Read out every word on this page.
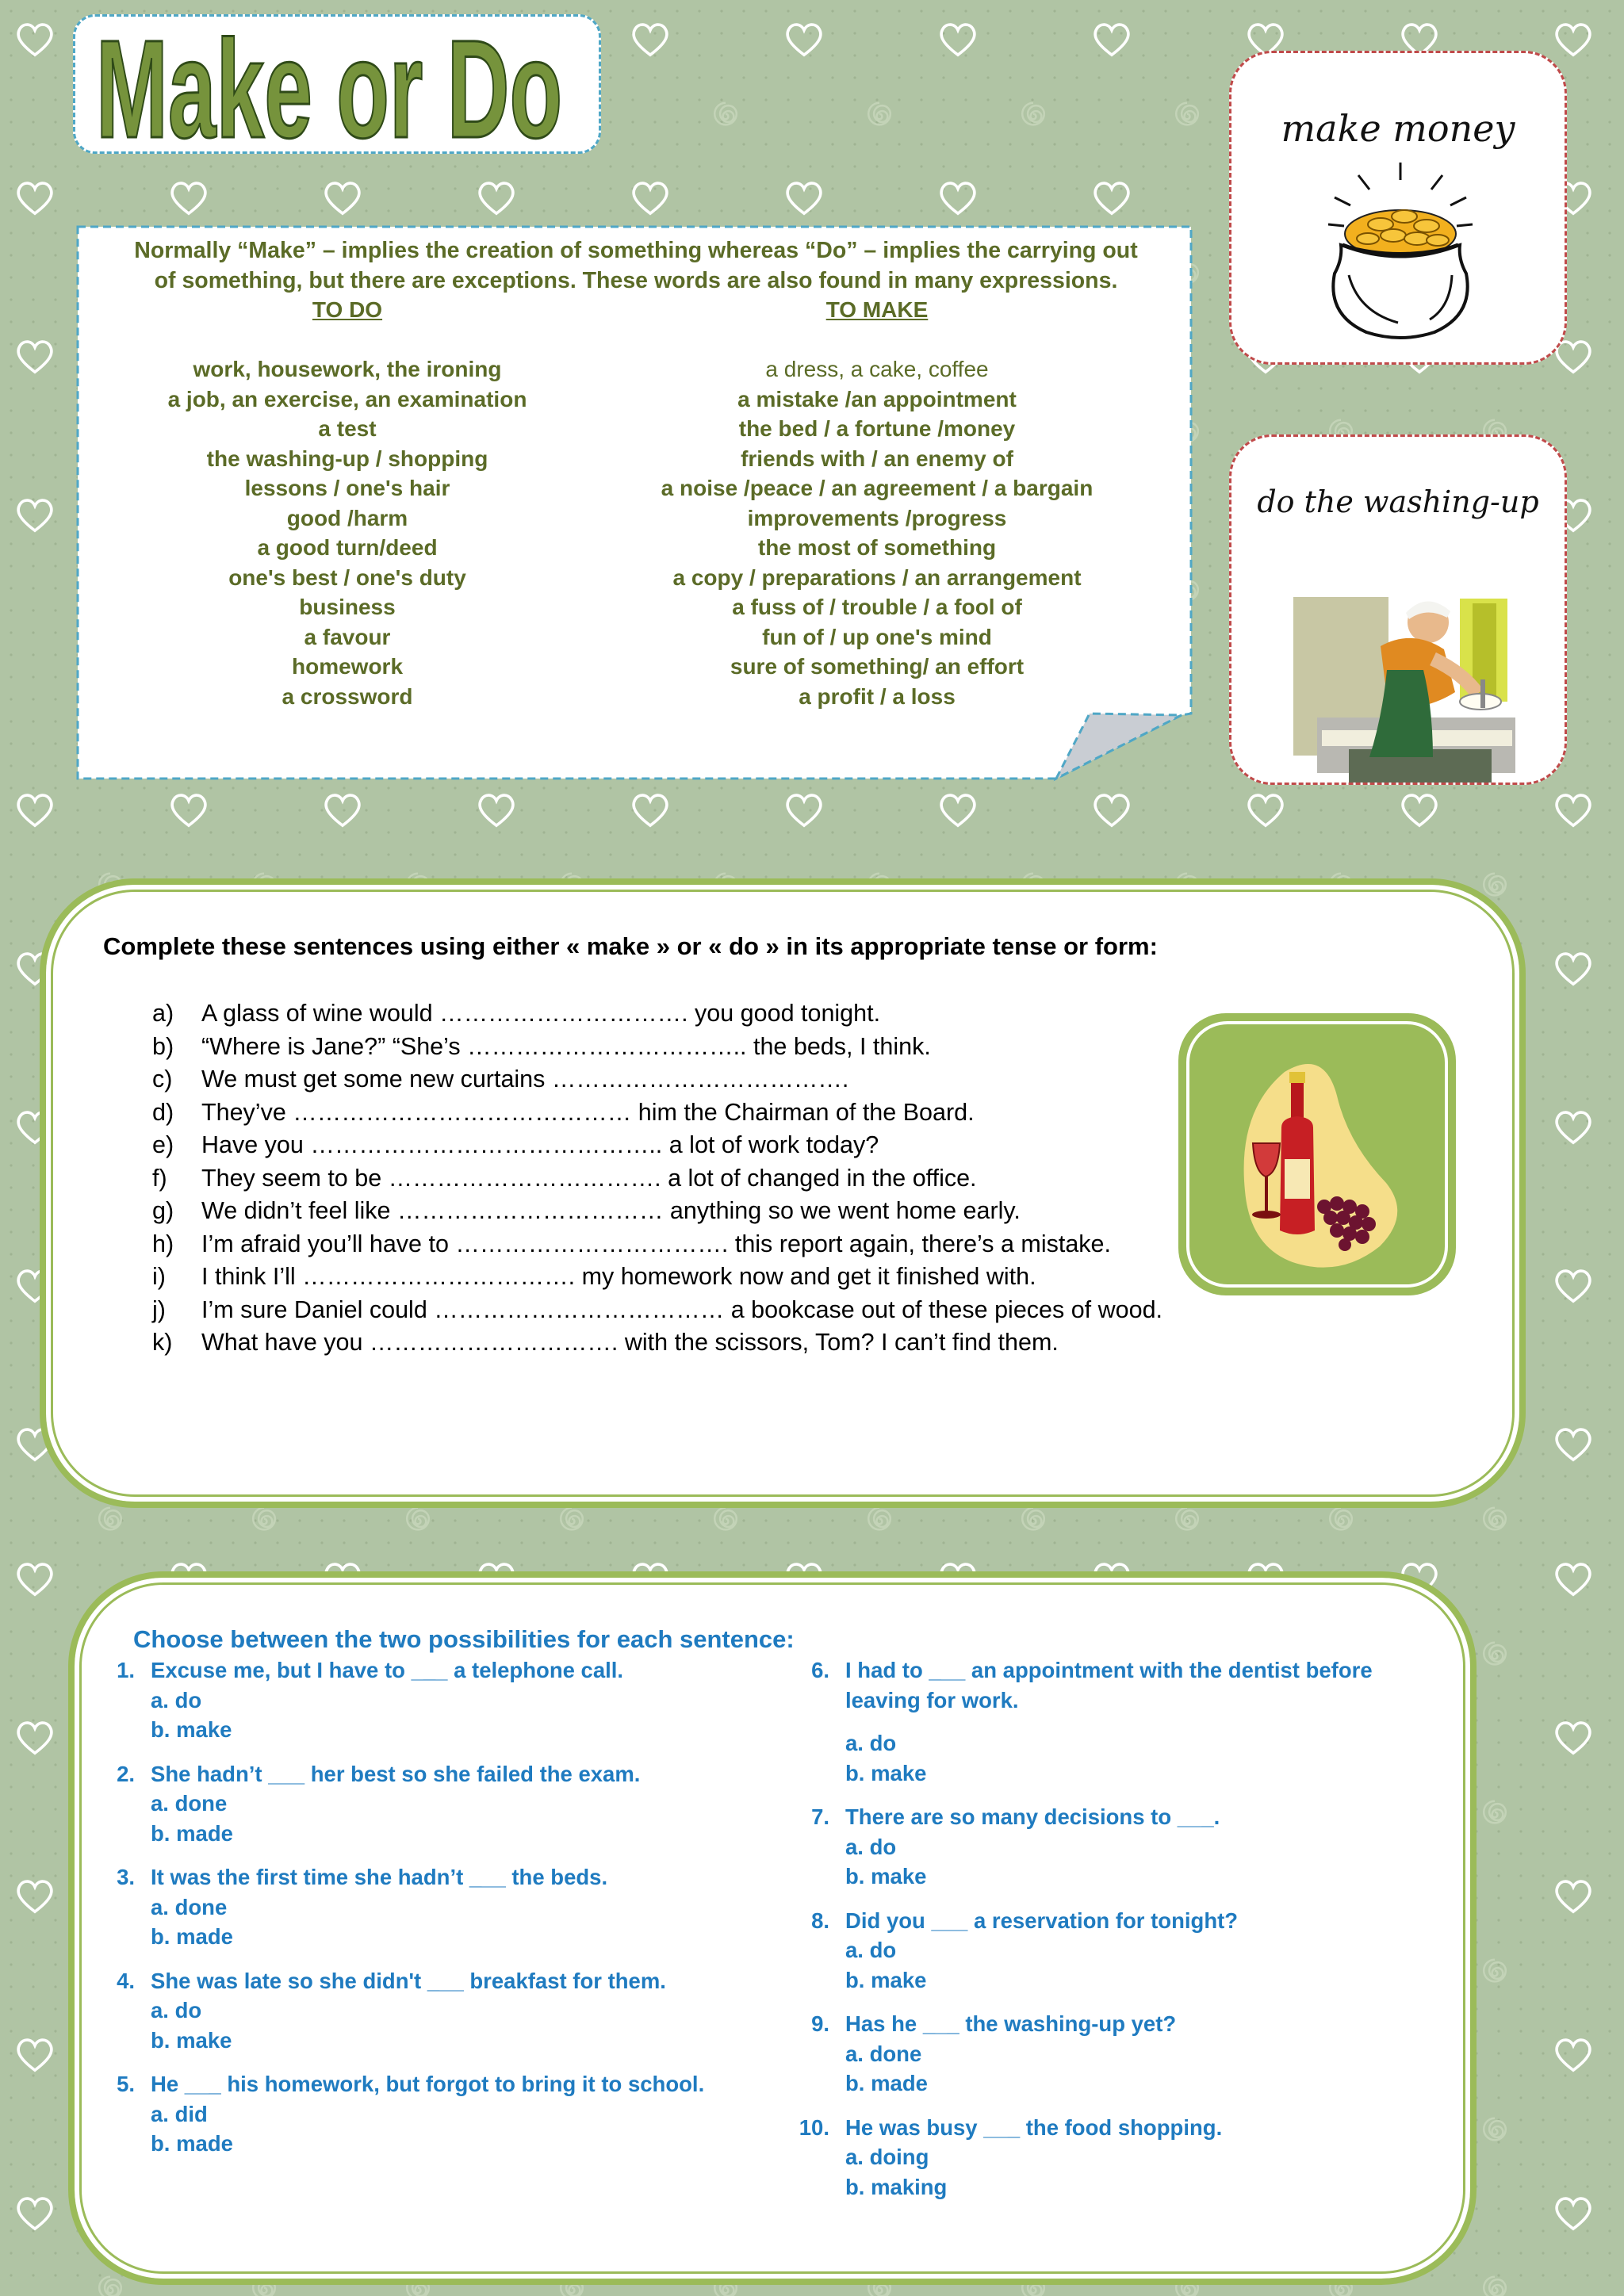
Make or Do

Normally “Make” – implies the creation of something whereas “Do” – implies the carrying out of something, but there are exceptions. These words are also found in many expressions.

TO DO
work, housework, the ironing
a job, an exercise, an examination
a test
the washing-up / shopping
lessons / one's hair
good /harm
a good turn/deed
one's best / one's duty
business
a favour
homework
a crossword
TO MAKE
a dress, a cake, coffee
a mistake /an appointment
the bed / a fortune /money
friends with / an enemy of
a noise /peace / an agreement / a bargain
improvements /progress
the most of something
a copy / preparations / an arrangement
a fuss of / trouble / a fool of
fun of / up one's mind
sure of something/ an effort
a profit / a loss
make money
do the washing-up

Complete these sentences using either « make » or « do » in its appropriate tense or form:

a)	A glass of wine would …………………………. you good tonight.
b)	“Where is Jane?” “She’s …………………………….. the beds, I think.
c)	We must get some new curtains ……………………………….
d)	They’ve …………………………………… him the Chairman of the Board.
e)	Have you …………………………………….. a lot of work today?
f)	They seem to be ……………………………. a lot of changed in the office.
g)	We didn’t feel like …………………………… anything so we went home early.
h)	I’m afraid you’ll have to ……………………………. this report again, there’s a mistake.
i)	I think I’ll ……………………………. my homework now and get it finished with.
j)	I’m sure Daniel could ……………………………… a bookcase out of these pieces of wood.
k)	What have you …………………………. with the scissors, Tom? I can’t find them.

Choose between the two possibilities for each sentence:

1. Excuse me, but I have to ___ a telephone call.
a. do
b. make
2. She hadn’t ___ her best so she failed the exam.
a. done
b. made
3. It was the first time she hadn’t ___ the beds.
a. done
b. made
4. She was late so she didn't ___ breakfast for them.
a. do
b. make
5. He ___ his homework, but forgot to bring it to school.
a. did
b. made
6. I had to ___ an appointment with the dentist before leaving for work.
a. do
b. make
7. There are so many decisions to ___.
a. do
b. make
8. Did you ___ a reservation for tonight?
a. do
b. make
9. Has he ___ the washing-up yet?
a. done
b. made
10. He was busy ___ the food shopping.
a. doing
b. making
